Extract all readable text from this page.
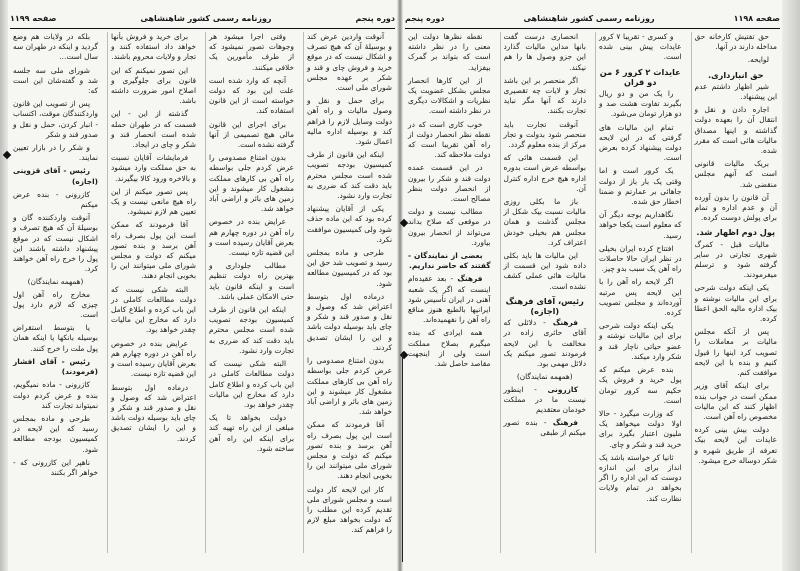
دوره پنجم
روزنامه رسمی کشور شاهنشاهی
صفحه ۱۱۹۹

آنوقت واردین عرض کند و بوسیلهٔ آن که هیچ تصرف و اشکال نیست که در موقع خرید و فروش چای و قند و شکر بر عهده مجلس شورای ملی است.

برای حمل و نقل و وصول مالیات و راه آهن دولت وسایل لازم را فراهم کند و بوسیله اداره مالیه اعمال شود.

اینکه این قانون از طرف کمیسیون بودجه تصویب شده است مجلس محترم باید دقت کند که ضرری به تجارت وارد نشود.

یکی از آقایان پیشنهاد کرده بود که این ماده حذف شود ولی کمیسیون موافقت نکرد.

طرحی و ماده بمجلس رسید و تصویب شد حق این بود که در کمیسیون مطالعه شود.

درماده اول بتوسط اعتراض شد که وصول و نقل و صدور قند و شکر و چای باید بوسیله دولت باشد و این را ایشان تصدیق کردند.

بدون امتناع مصدومی را عرض کردم جلی بواسطه راه آهن بی کارهای مملکت مشغول کار میشوند و این زمین های بائر و اراضی آباد خواهد شد.

آقا فرمودند که ممکن است این پول بصرف راه آهن برسد و بنده تصور میکنم که دولت و مجلس شورای ملی میتوانند این را بخوبی انجام دهند.

کار این لایحه کار دولت است و مجلس شورای ملی تقدیم کرده این مطلب را که دولت بخواهد مبلغ لازم را فراهم کند.

وقتی اجرا میشود هر وجوهات تصور نمیشود که از طرف مأمورین یک خلافی میکنند.

آنچه که وارد شده است علت این بود که دولت خواسته است از این قانون استفاده کند.

برای اجرای این قانون مالی هیچ تصمیمی از آنها گرفته نشده است.

بدون امتناع مصدومی را عرض کردم جلی بواسطه راه آهن بی کارهای مملکت مشغول کار میشوند و این زمین های بائر و اراضی آباد خواهد شد.

عرایض بنده در خصوص راه آهن در دوره چهارم هم بعرض آقایان رسیده است و این قضیه تازه نیست.

مطالب جلوداری و بهترین راه دولت تنظیم است و اینکه قانون باید حتی الامکان عملی باشد.

اینکه این قانون از طرف کمیسیون بودجه تصویب شده است مجلس محترم باید دقت کند که ضرری به تجارت وارد نشود.

البته شکی نیست که دولت مطالعات کاملی در این باب کرده و اطلاع کامل دارد که مخارج این مالیات چقدر خواهد بود.

دولت بخواهد تا یک مبلغی از این راه تهیه کند برای اینکه این راه آهن ساخته شود.

برای خرید و فروش بأنها خواهد داد استفاده کنند و تجار و ولایات محروم باشند.

این تصور نمیکنم که این قانون برای جلوگیری و اصلاح امور ضرورت داشته باشد.

گذشته از این - این قسمت که در طهران حمله شده است انحصار قند و شکر و چای در ایجاد.

فرمایشات آقایان نسبت به حق مملکت وارد میشود و بالاخره ورود کالا بیگیرند.

پس تصور میکنم از این راه هیچ مانعی نیست و یک تعیین هم لازم نمیشود.

آقا فرمودند که ممکن است این پول بصرف راه آهن برسد و بنده تصور میکنم که دولت و مجلس شورای ملی میتوانند این را بخوبی انجام دهند.

البته شکی نیست که دولت مطالعات کاملی در این باب کرده و اطلاع کامل دارد که مخارج این مالیات چقدر خواهد بود.

عرایض بنده در خصوص راه آهن در دوره چهارم هم بعرض آقایان رسیده است و این قضیه تازه نیست.

درماده اول بتوسط اعتراض شد که وصول و نقل و صدور قند و شکر و چای باید بوسیله دولت باشد و این را ایشان تصدیق کردند.

بلکه در ولایات هم وضع گردید و اینکه در طهران سه سال است...

شورای ملی سه جلسه شد و گفته‌شان این است که:

پس از تصویب این قانون واردکنندگان موقت، اکتساب - انبار کردن، حمل و نقل و صدور قند و شکر

و شکر را در بازار تعیین نمایند.

رئیس - آقای قزوینی (اجازه)

کازرونی - بنده عرض میکنم

آنوقت واردکننده گان و بوسیلهٔ آن که هیچ تصرف و اشکال نیست که در موقع پیشنهاد داشته باشند این پول را خرج راه آهن خواهند کرد.

(همهمه نمایندگان)

مخارج راه آهن اول چیزی که لازم دارد پول است.

یا بتوسط استقراض بوسیله بانکها یا اینکه همان پول ملت را خرج کنند.

رئیس - آقای افشار (فرمودند)

کازرونی - ماده نمیگویم، بنده و عرض کردم دولت نمیتواند تجارت کند

طرحی و ماده بمجلس رسید که این لایحه در کمیسیون بودجه مطالعه شود.

ناهپر این کازرونی که - خواهر اگر بکنند

صفحه ۱۱۹۸
روزنامه رسمی کشور شاهنشاهی
دوره پنجم

حق تفتیش کارخانه حق مداخله دارند در آنها.

لوایحه.

حق انبارداری.

شیر اظهار داشتم عدم این پیشنهاد.

اجاره دادن و نقل و انتقال آن را بعهده دولت گذاشته و اینها مصداق مالیات هائی است که مقرر شده.

بریک مالیات قانونی است که آنهم مجلس منقضی شد.

آن قانون را بدون آورده آن و عدم اداره و تمام برای پولش دوست کرده.

پول دوم اظهار شد.

مالیات قبل - کمرگ شهری تجارتی در سایر گرفته شود و ترسلم میفرمودند.

یکی اینکه دولت شرحی برای این مالیات نوشته و بیک اداره مالیه الحق اعطا کرده.

پس از آنکه مجلس مالیات بر معاملات را تصویب کرد اینها را قبول کنیم و بنده با این لایحه موافقت کنم.

برای اینکه آقای وزیر ممکن است در جواب بنده اظهار کنند که این مالیات مخصوص راه آهن است.

دولت بیش بینی کرده عایدات این لایحه بیک تعرفه از طریق شهره و شکر دوساله خرج میشود.

و کسری - تقریبا ۷ کرور عایدات پیش بینی شده است.

عایدات ۲ کرور ۶ من دو قران

را یک من و دو ریال بگیرند تفاوت هشت صد و دو هزار تومان می‌شود.

تمام این مالیات های گرفتی که در این لایحه دولت پیشنهاد کرده بعرض است.

یک کرور است و اما وقتی یک بار باز از دولت جاهائی بر عمارتم و ضمنا اخطار حق شده.

نگاهداریم بوجه دیگر آن که معلوم است یکجا خواهد رسید.

افتتاح کرده ایران بخیلی در نظر ایران حالا حاصلات راه آهن یک سبب بدو چیز.

اگر لایحه راه آهن را با این لایحه پس مرتبه آورده‌اند و مجلس تصویب کرده.

یکی اینکه دولت شرحی برای این مالیات نوشته و عضو حیاتی ناچار قند و شکر وارد میکند.

بنده عرض میکنم که پول خرید و فروش یک حکیم سه کرور تومان است.

که وزارت میگیرد - حالا اولا دولت میخواهد یک ملیون اعتبار بگیرد برای خرید قند و شکر و چای.

ثانیا کر خواسته باشد یک انداز برای این اندازه دوست که این اداره را اگر بخواهد در تمام ولایات نظارت کند.

انحصاری درست گفت بانها مداین مالیات گذارد این جزو وصول ها را هم نیکند.

اگر منحصر بر این باشد تجار و لایات چه تقصیری دارند که آنها مگر نباید تجارت بکنند.

آنوقت تجارت باید منحصر شود بدولت و تجار مرکز از بنده معلوم گردد.

این قسمت هائی که بواسطه عرض است بدوره اداره هیچ خرج اداره کنترل آن.

باز ما بکلی روزی مالیات نسبت بیک شکل از مجلس گذشت و همان مجلس هم بخیلی خودش اعتراف کرد.

این مالیات ها باید بکلی داده شود این قسمت از مالیات هائی عملی کشف نشده است.

رئیس، آقای فرهنگ (اجازه)

فرهنگ - دلائلی که آقای حائری زاده در مخالفت با این لایحه فرمودند تصور میکنم یک دلائل مهمی بود.

(همهمه نمایندگان)

کازرونی - اینطور نیست ما در مملکت خودمان معتقدیم

فرهنگ - بنده تصور میکنم از طبقی

نقطه نظرها دولت این معنی را در نظر داشته است که بتواند بر گمرک بیفزاید.

از این کارها انحصار مجلس بشکل عضویت یک نظریات و اشکالات دیگری در نظر داشته است.

خوب کاری است که در نقطه نظر انحصار دولت از راه آهن تقریبا است که دولت ملاحظه کند.

در این قسمت عمده دولت قند و شکر را بیرون از انحصار دولت بنظر مصالح است.

مطالب نیست و دولت در موقعی که صلاح بداند می‌تواند از انحصار بیرون بیاورد.

بعضی از نمایندگان - گفتند که حاضر نداریم.

فرهنگ - بعد عقیده‌ام اینست که اگر یک شعبه آهنی در ایران تأسیس شود ایرانیها بالطبع هنوز مناقع راه آهن را نفهمیده‌اند.

همه ایرادی که بنده میگیرم بصلاح مملکت است ولی از اینجهت مقاصد حاصل شد.
